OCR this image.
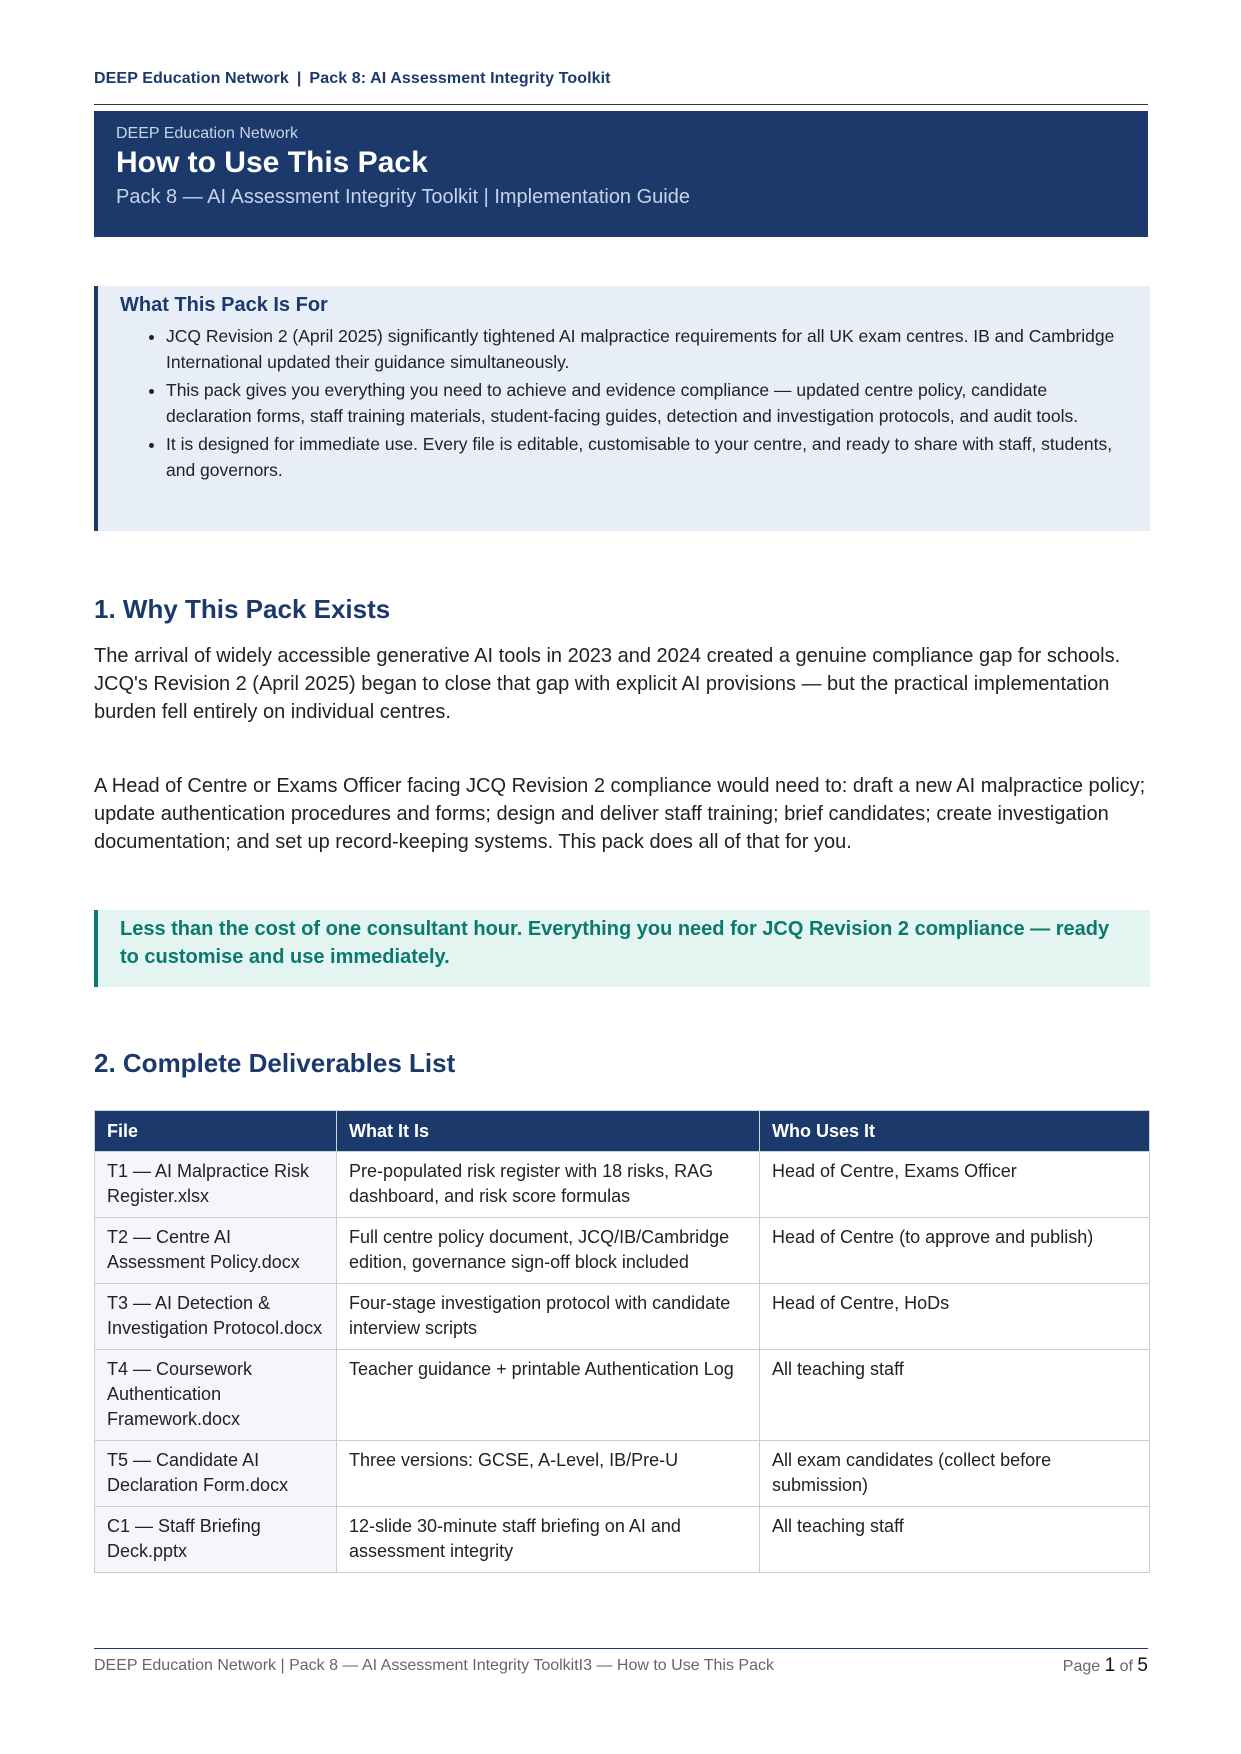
DEEP Education Network | Pack 8: AI Assessment Integrity Toolkit
DEEP Education Network
How to Use This Pack
Pack 8 — AI Assessment Integrity Toolkit | Implementation Guide
What This Pack Is For
• JCQ Revision 2 (April 2025) significantly tightened AI malpractice requirements for all UK exam centres. IB and Cambridge International updated their guidance simultaneously.
• This pack gives you everything you need to achieve and evidence compliance — updated centre policy, candidate declaration forms, staff training materials, student-facing guides, detection and investigation protocols, and audit tools.
• It is designed for immediate use. Every file is editable, customisable to your centre, and ready to share with staff, students, and governors.
1. Why This Pack Exists

The arrival of widely accessible generative AI tools in 2023 and 2024 created a genuine compliance gap for schools. JCQ's Revision 2 (April 2025) began to close that gap with explicit AI provisions — but the practical implementation burden fell entirely on individual centres.

A Head of Centre or Exams Officer facing JCQ Revision 2 compliance would need to: draft a new AI malpractice policy; update authentication procedures and forms; design and deliver staff training; brief candidates; create investigation documentation; and set up record-keeping systems. This pack does all of that for you.

Less than the cost of one consultant hour. Everything you need for JCQ Revision 2 compliance — ready to customise and use immediately.
2. Complete Deliverables List
File	What It Is	Who Uses It
T1 — AI Malpractice Risk Register.xlsx	Pre-populated risk register with 18 risks, RAG dashboard, and risk score formulas	Head of Centre, Exams Officer
T2 — Centre AI Assessment Policy.docx	Full centre policy document, JCQ/IB/Cambridge edition, governance sign-off block included	Head of Centre (to approve and publish)
T3 — AI Detection & Investigation Protocol.docx	Four-stage investigation protocol with candidate interview scripts	Head of Centre, HoDs
T4 — Coursework Authentication Framework.docx	Teacher guidance + printable Authentication Log	All teaching staff
T5 — Candidate AI Declaration Form.docx	Three versions: GCSE, A-Level, IB/Pre-U	All exam candidates (collect before submission)
C1 — Staff Briefing Deck.pptx	12-slide 30-minute staff briefing on AI and assessment integrity	All teaching staff
DEEP Education Network | Pack 8 — AI Assessment Integrity ToolkitI3 — How to Use This Pack	Page 1 of 5
